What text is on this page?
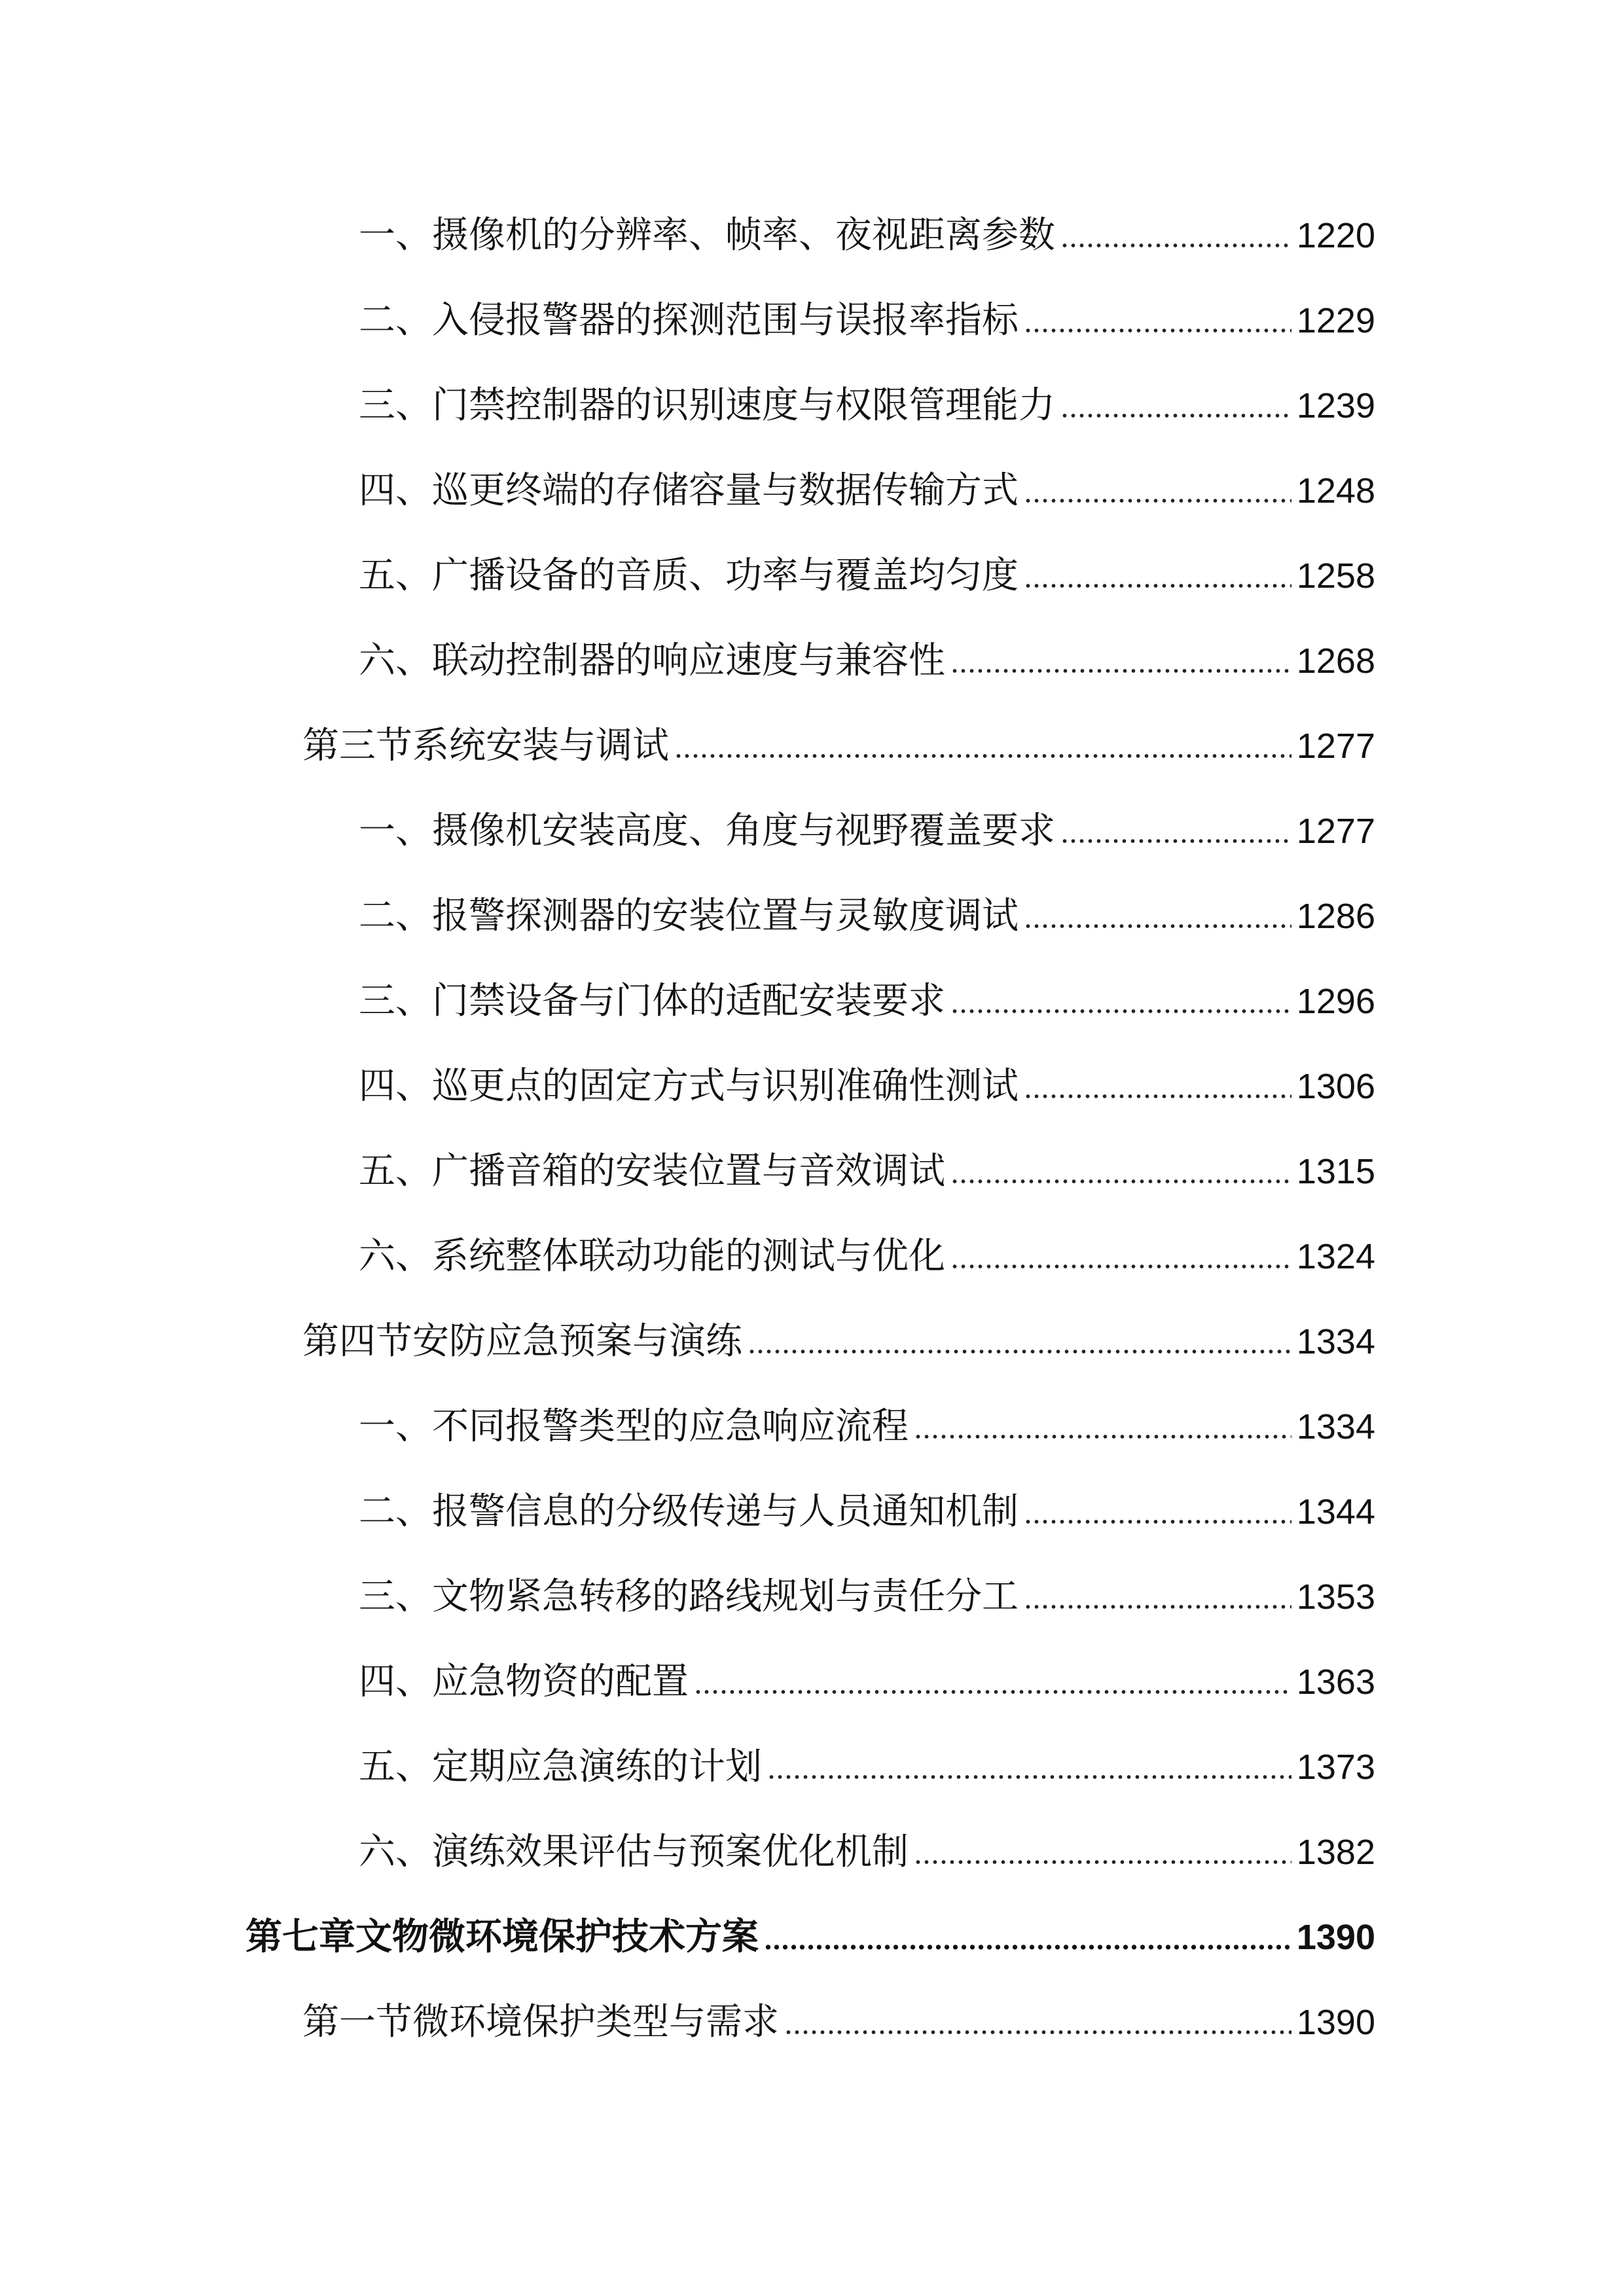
一、摄像机的分辨率、帧率、夜视距离参数	1220
二、入侵报警器的探测范围与误报率指标	1229
三、门禁控制器的识别速度与权限管理能力	1239
四、巡更终端的存储容量与数据传输方式	1248
五、广播设备的音质、功率与覆盖均匀度	1258
六、联动控制器的响应速度与兼容性	1268
第三节系统安装与调试	1277
一、摄像机安装高度、角度与视野覆盖要求	1277
二、报警探测器的安装位置与灵敏度调试	1286
三、门禁设备与门体的适配安装要求	1296
四、巡更点的固定方式与识别准确性测试	1306
五、广播音箱的安装位置与音效调试	1315
六、系统整体联动功能的测试与优化	1324
第四节安防应急预案与演练	1334
一、不同报警类型的应急响应流程	1334
二、报警信息的分级传递与人员通知机制	1344
三、文物紧急转移的路线规划与责任分工	1353
四、应急物资的配置	1363
五、定期应急演练的计划	1373
六、演练效果评估与预案优化机制	1382
第七章文物微环境保护技术方案	1390
第一节微环境保护类型与需求	1390
